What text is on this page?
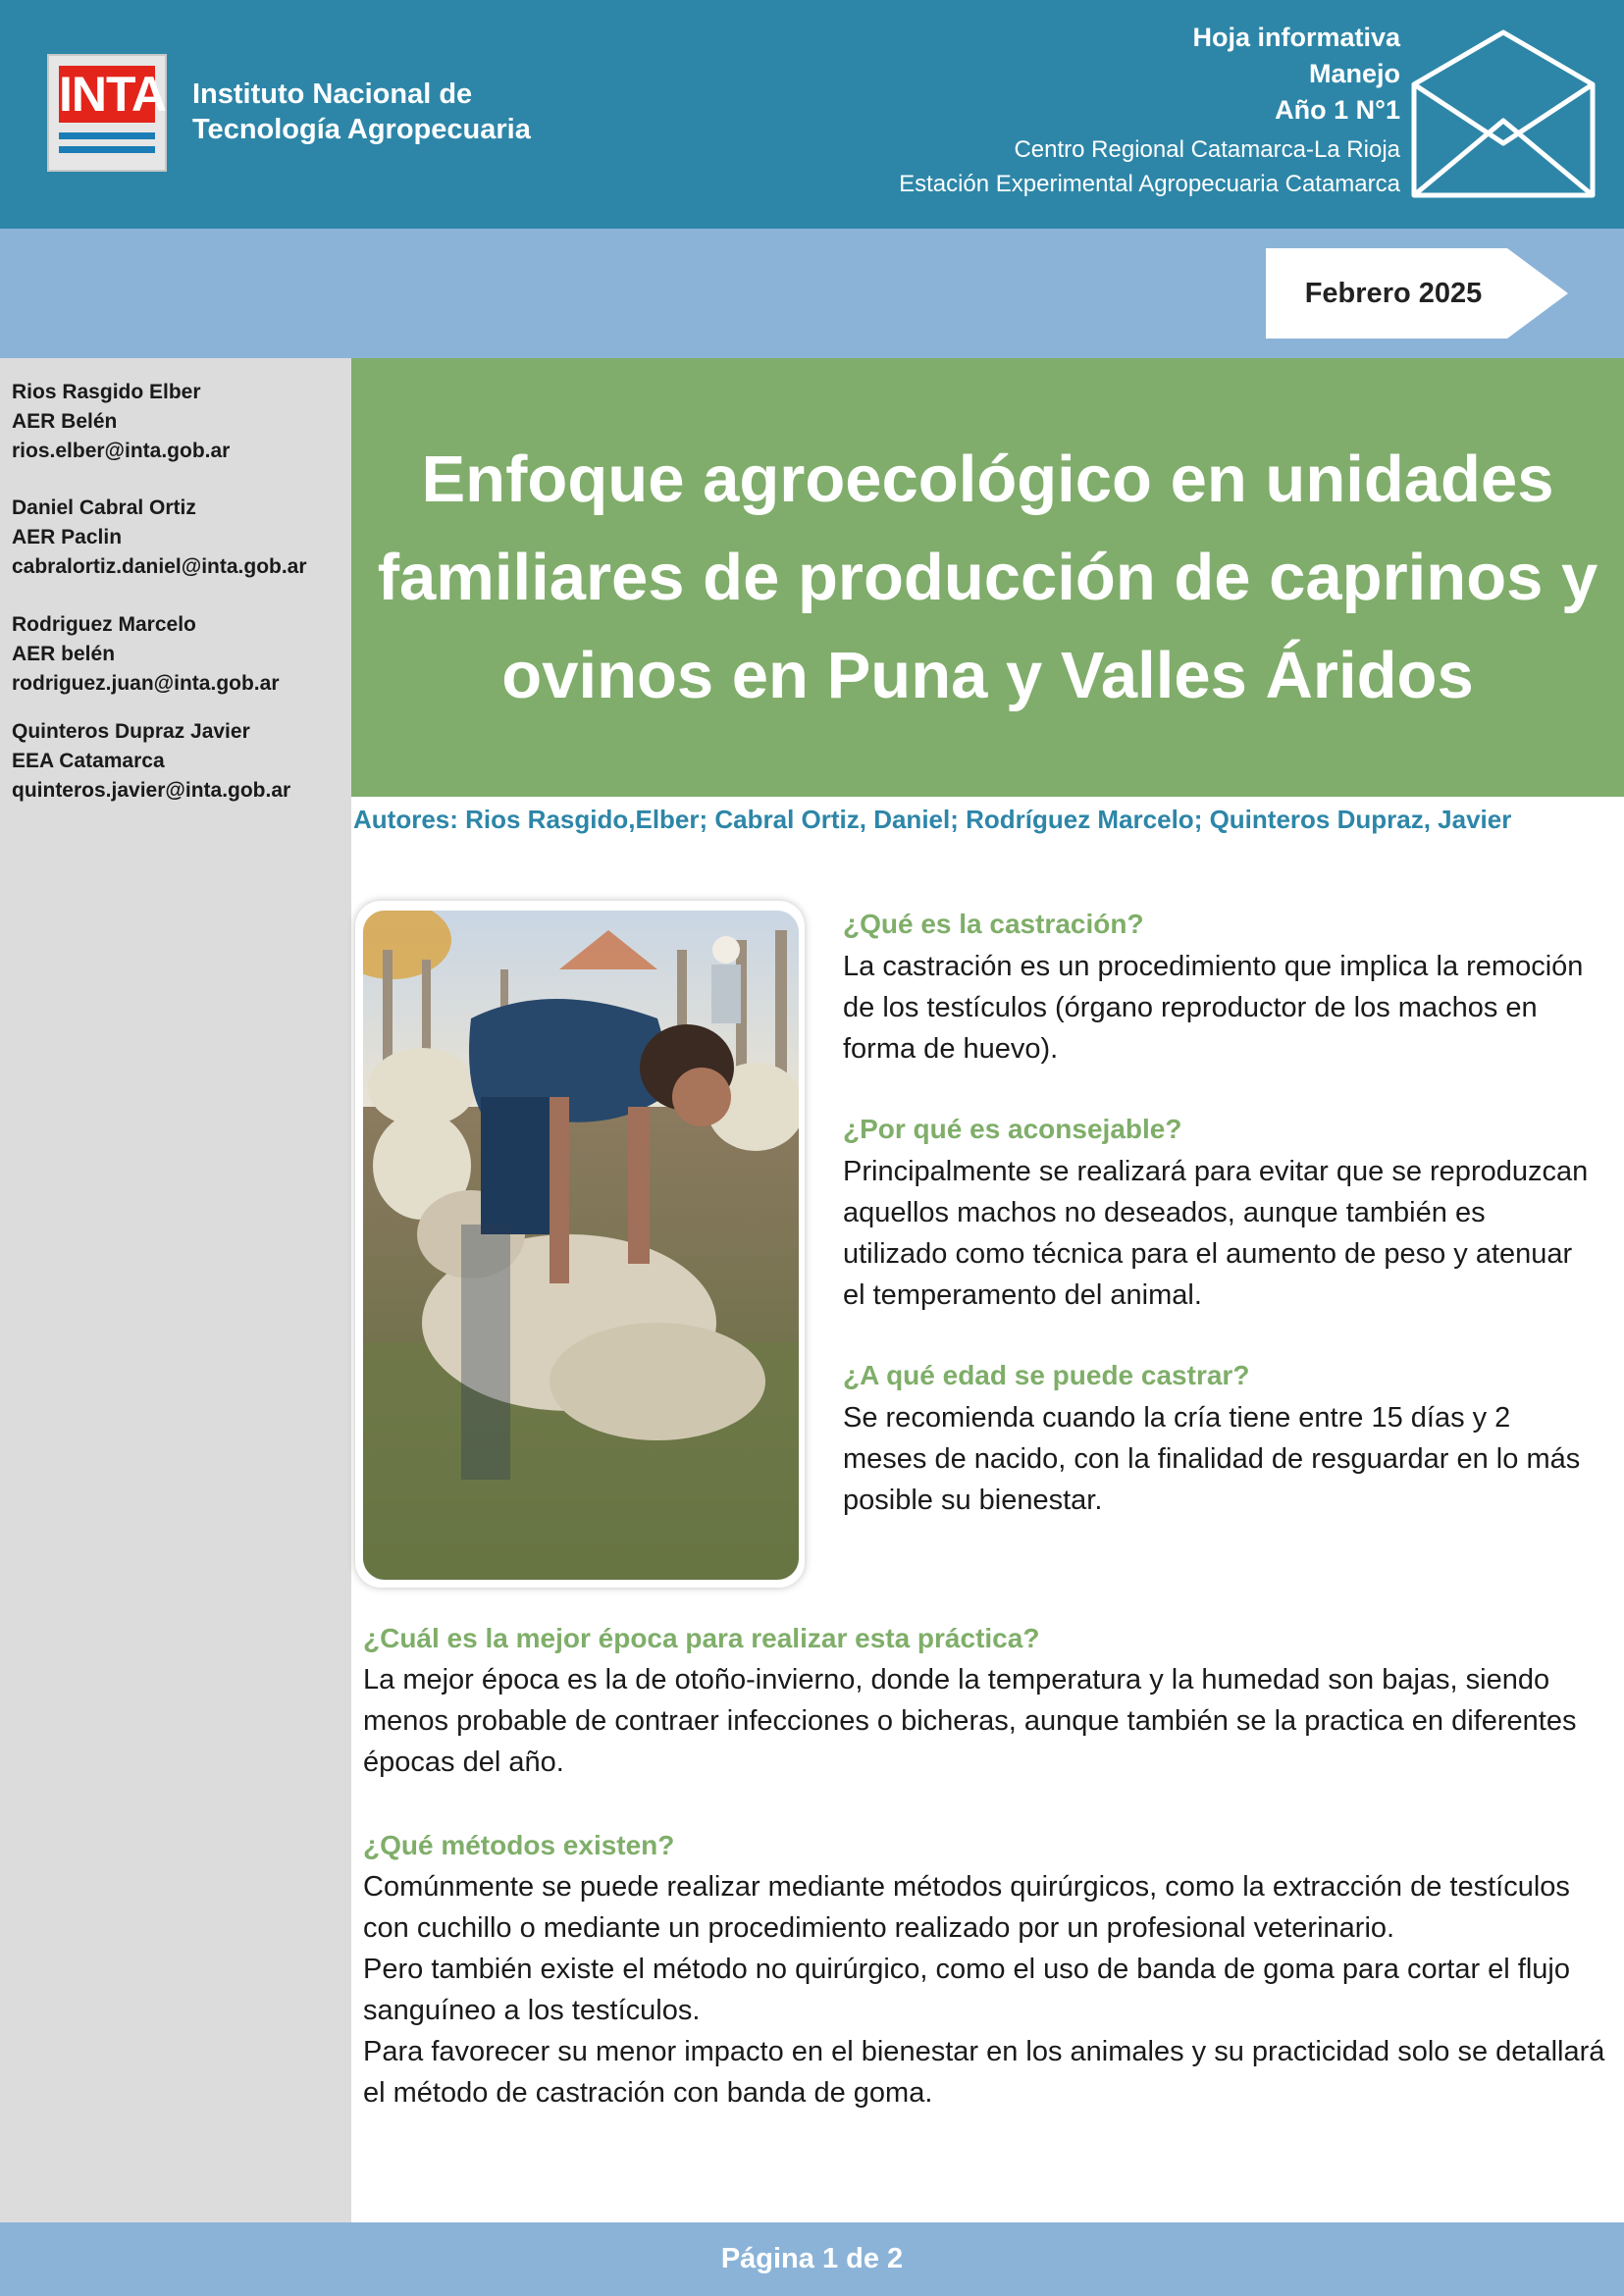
INTA Instituto Nacional de
Tecnología Agropecuaria
Hoja informativa
Manejo
Año 1 N°1
Centro Regional Catamarca-La Rioja
Estación Experimental Agropecuaria Catamarca
Febrero 2025
Rios Rasgido Elber
AER Belén
rios.elber@inta.gob.ar
Daniel Cabral Ortiz
AER Paclin
cabralortiz.daniel@inta.gob.ar
Rodriguez Marcelo
AER belén
rodriguez.juan@inta.gob.ar
Quinteros Dupraz Javier
EEA Catamarca
quinteros.javier@inta.gob.ar
Enfoque agroecológico en unidades familiares de producción de caprinos y ovinos en Puna y Valles Áridos
Autores: Rios Rasgido,Elber; Cabral Ortiz, Daniel; Rodríguez Marcelo; Quinteros Dupraz, Javier
¿Qué es la castración?
La castración es un procedimiento que implica la remoción de los testículos (órgano reproductor de los machos en forma de huevo).
¿Por qué es aconsejable?
Principalmente se realizará para evitar que se reproduzcan aquellos machos no deseados, aunque también es utilizado como técnica para el aumento de peso y atenuar el temperamento del animal.
¿A qué edad se puede castrar?
Se recomienda cuando la cría tiene entre 15 días y 2 meses de nacido, con la finalidad de resguardar en lo más posible su bienestar.
¿Cuál es la mejor época para realizar esta práctica?
La mejor época es la de otoño-invierno, donde la temperatura y la humedad son bajas, siendo menos probable de contraer infecciones o bicheras, aunque también se la practica en diferentes épocas del año.
¿Qué métodos existen?
Comúnmente se puede realizar mediante métodos quirúrgicos, como la extracción de testículos con cuchillo o mediante un procedimiento realizado por un profesional veterinario.
Pero también existe el método no quirúrgico, como el uso de banda de goma para cortar el flujo sanguíneo a los testículos.
Para favorecer su menor impacto en el bienestar en los animales y su practicidad solo se detallará el método de castración con banda de goma.
Página 1 de 2
